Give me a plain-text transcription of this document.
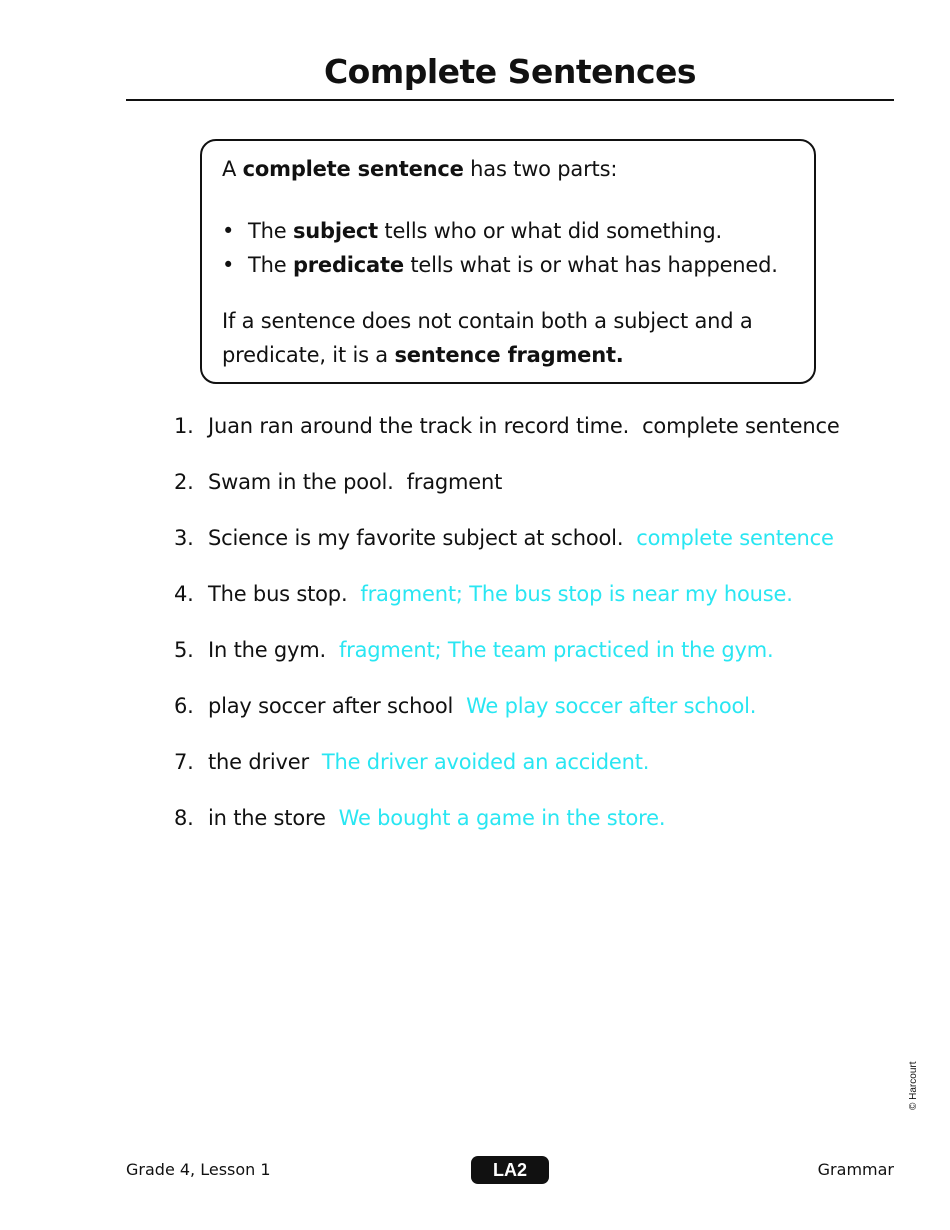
Complete Sentences
A complete sentence has two parts:
• The subject tells who or what did something.
• The predicate tells what is or what has happened.
If a sentence does not contain both a subject and a
predicate, it is a sentence fragment.
1. Juan ran around the track in record time. complete sentence
2. Swam in the pool. fragment
3. Science is my favorite subject at school. complete sentence
4. The bus stop. fragment; The bus stop is near my house.
5. In the gym. fragment; The team practiced in the gym.
6. play soccer after school We play soccer after school.
7. the driver The driver avoided an accident.
8. in the store We bought a game in the store.
© Harcourt
Grade 4, Lesson 1	LA2	Grammar
